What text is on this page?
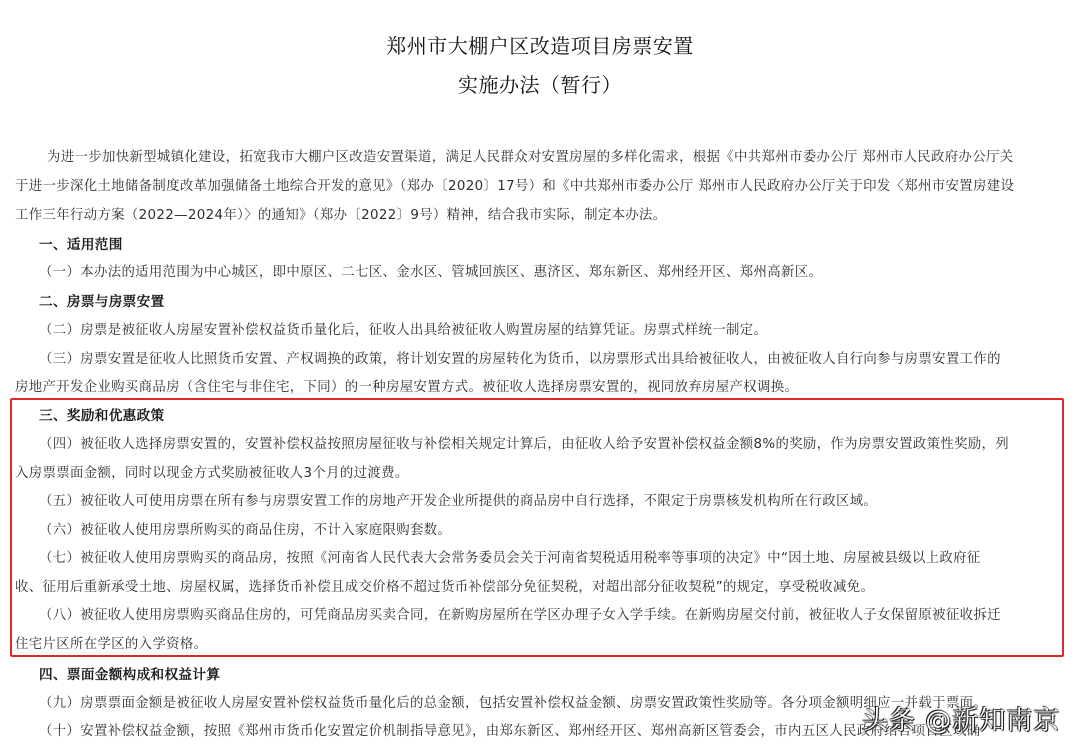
郑州市大棚户区改造项目房票安置
实施办法（暂行）
为进一步加快新型城镇化建设，拓宽我市大棚户区改造安置渠道，满足人民群众对安置房屋的多样化需求，根据《中共郑州市委办公厅 郑州市人民政府办公厅关
于进一步深化土地储备制度改革加强储备土地综合开发的意见》（郑办〔2020〕17号）和《中共郑州市委办公厅 郑州市人民政府办公厅关于印发〈郑州市安置房建设
工作三年行动方案（2022—2024年）〉的通知》（郑办〔2022〕9号）精神，结合我市实际，制定本办法。
一、适用范围
（一）本办法的适用范围为中心城区，即中原区、二七区、金水区、管城回族区、惠济区、郑东新区、郑州经开区、郑州高新区。
二、房票与房票安置
（二）房票是被征收人房屋安置补偿权益货币量化后，征收人出具给被征收人购置房屋的结算凭证。房票式样统一制定。
（三）房票安置是征收人比照货币安置、产权调换的政策，将计划安置的房屋转化为货币，以房票形式出具给被征收人，由被征收人自行向参与房票安置工作的
房地产开发企业购买商品房（含住宅与非住宅，下同）的一种房屋安置方式。被征收人选择房票安置的，视同放弃房屋产权调换。
三、奖励和优惠政策
（四）被征收人选择房票安置的，安置补偿权益按照房屋征收与补偿相关规定计算后，由征收人给予安置补偿权益金额8%的奖励，作为房票安置政策性奖励，列
入房票票面金额，同时以现金方式奖励被征收人3个月的过渡费。
（五）被征收人可使用房票在所有参与房票安置工作的房地产开发企业所提供的商品房中自行选择，不限定于房票核发机构所在行政区域。
（六）被征收人使用房票所购买的商品住房，不计入家庭限购套数。
（七）被征收人使用房票购买的商品房，按照《河南省人民代表大会常务委员会关于河南省契税适用税率等事项的决定》中“因土地、房屋被县级以上政府征
收、征用后重新承受土地、房屋权属，选择货币补偿且成交价格不超过货币补偿部分免征契税，对超出部分征收契税”的规定，享受税收减免。
（八）被征收人使用房票购买商品住房的，可凭商品房买卖合同，在新购房屋所在学区办理子女入学手续。在新购房屋交付前，被征收人子女保留原被征收拆迁
住宅片区所在学区的入学资格。
四、票面金额构成和权益计算
（九）房票票面金额是被征收人房屋安置补偿权益货币量化后的总金额，包括安置补偿权益金额、房票安置政策性奖励等。各分项金额明细应一并载于票面。
（十）安置补偿权益金额，按照《郑州市货币化安置定价机制指导意见》，由郑东新区、郑州经开区、郑州高新区管委会，市内五区人民政府结合项目区域确
头条 @新知南京
